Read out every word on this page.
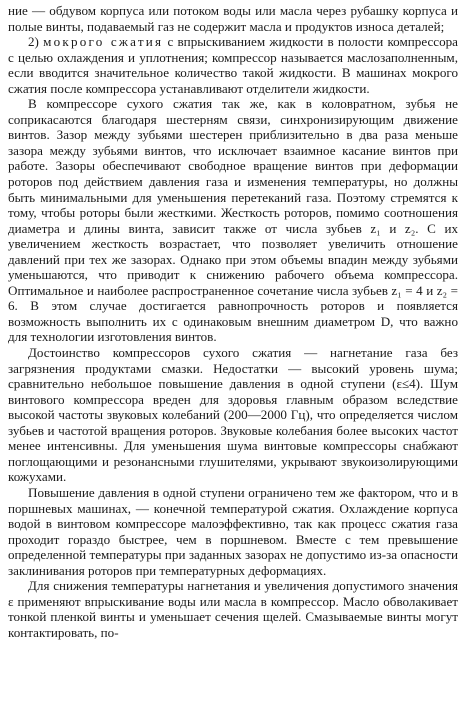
ние — обдувом корпуса или потоком воды или масла через рубашку корпуса и полые винты, подаваемый газ не содержит масла и продуктов износа деталей;

2) мокрого сжатия с впрыскиванием жидкости в полости компрессора с целью охлаждения и уплотнения; компрессор называется маслозаполненным, если вводится значительное количество такой жидкости. В машинах мокрого сжатия после компрессора устанавливают отделители жидкости.

В компрессоре сухого сжатия так же, как в коловратном, зубья не соприкасаются благодаря шестерням связи, синхронизирующим движение винтов. Зазор между зубьями шестерен приблизительно в два раза меньше зазора между зубьями винтов, что исключает взаимное касание винтов при работе. Зазоры обеспечивают свободное вращение винтов при деформации роторов под действием давления газа и изменения температуры, но должны быть минимальными для уменьшения перетеканий газа. Поэтому стремятся к тому, чтобы роторы были жесткими. Жесткость роторов, помимо соотношения диаметра и длины винта, зависит также от числа зубьев z₁ и z₂. С их увеличением жесткость возрастает, что позволяет увеличить отношение давлений при тех же зазорах. Однако при этом объемы впадин между зубьями уменьшаются, что приводит к снижению рабочего объема компрессора. Оптимальное и наиболее распространенное сочетание числа зубьев z₁ = 4 и z₂ = 6. В этом случае достигается равнопрочность роторов и появляется возможность выполнить их с одинаковым внешним диаметром D, что важно для технологии изготовления винтов.

Достоинство компрессоров сухого сжатия — нагнетание газа без загрязнения продуктами смазки. Недостатки — высокий уровень шума; сравнительно небольшое повышение давления в одной ступени (ε≤4). Шум винтового компрессора вреден для здоровья главным образом вследствие высокой частоты звуковых колебаний (200—2000 Гц), что определяется числом зубьев и частотой вращения роторов. Звуковые колебания более высоких частот менее интенсивны. Для уменьшения шума винтовые компрессоры снабжают поглощающими и резонансными глушителями, укрывают звукоизолирующими кожухами.

Повышение давления в одной ступени ограничено тем же фактором, что и в поршневых машинах, — конечной температурой сжатия. Охлаждение корпуса водой в винтовом компрессоре малоэффективно, так как процесс сжатия газа проходит гораздо быстрее, чем в поршневом. Вместе с тем превышение определенной температуры при заданных зазорах не допустимо из-за опасности заклинивания роторов при температурных деформациях.

Для снижения температуры нагнетания и увеличения допустимого значения ε применяют впрыскивание воды или масла в компрессор. Масло обволакивает тонкой пленкой винты и уменьшает сечения щелей. Смазываемые винты могут контактировать, по-
